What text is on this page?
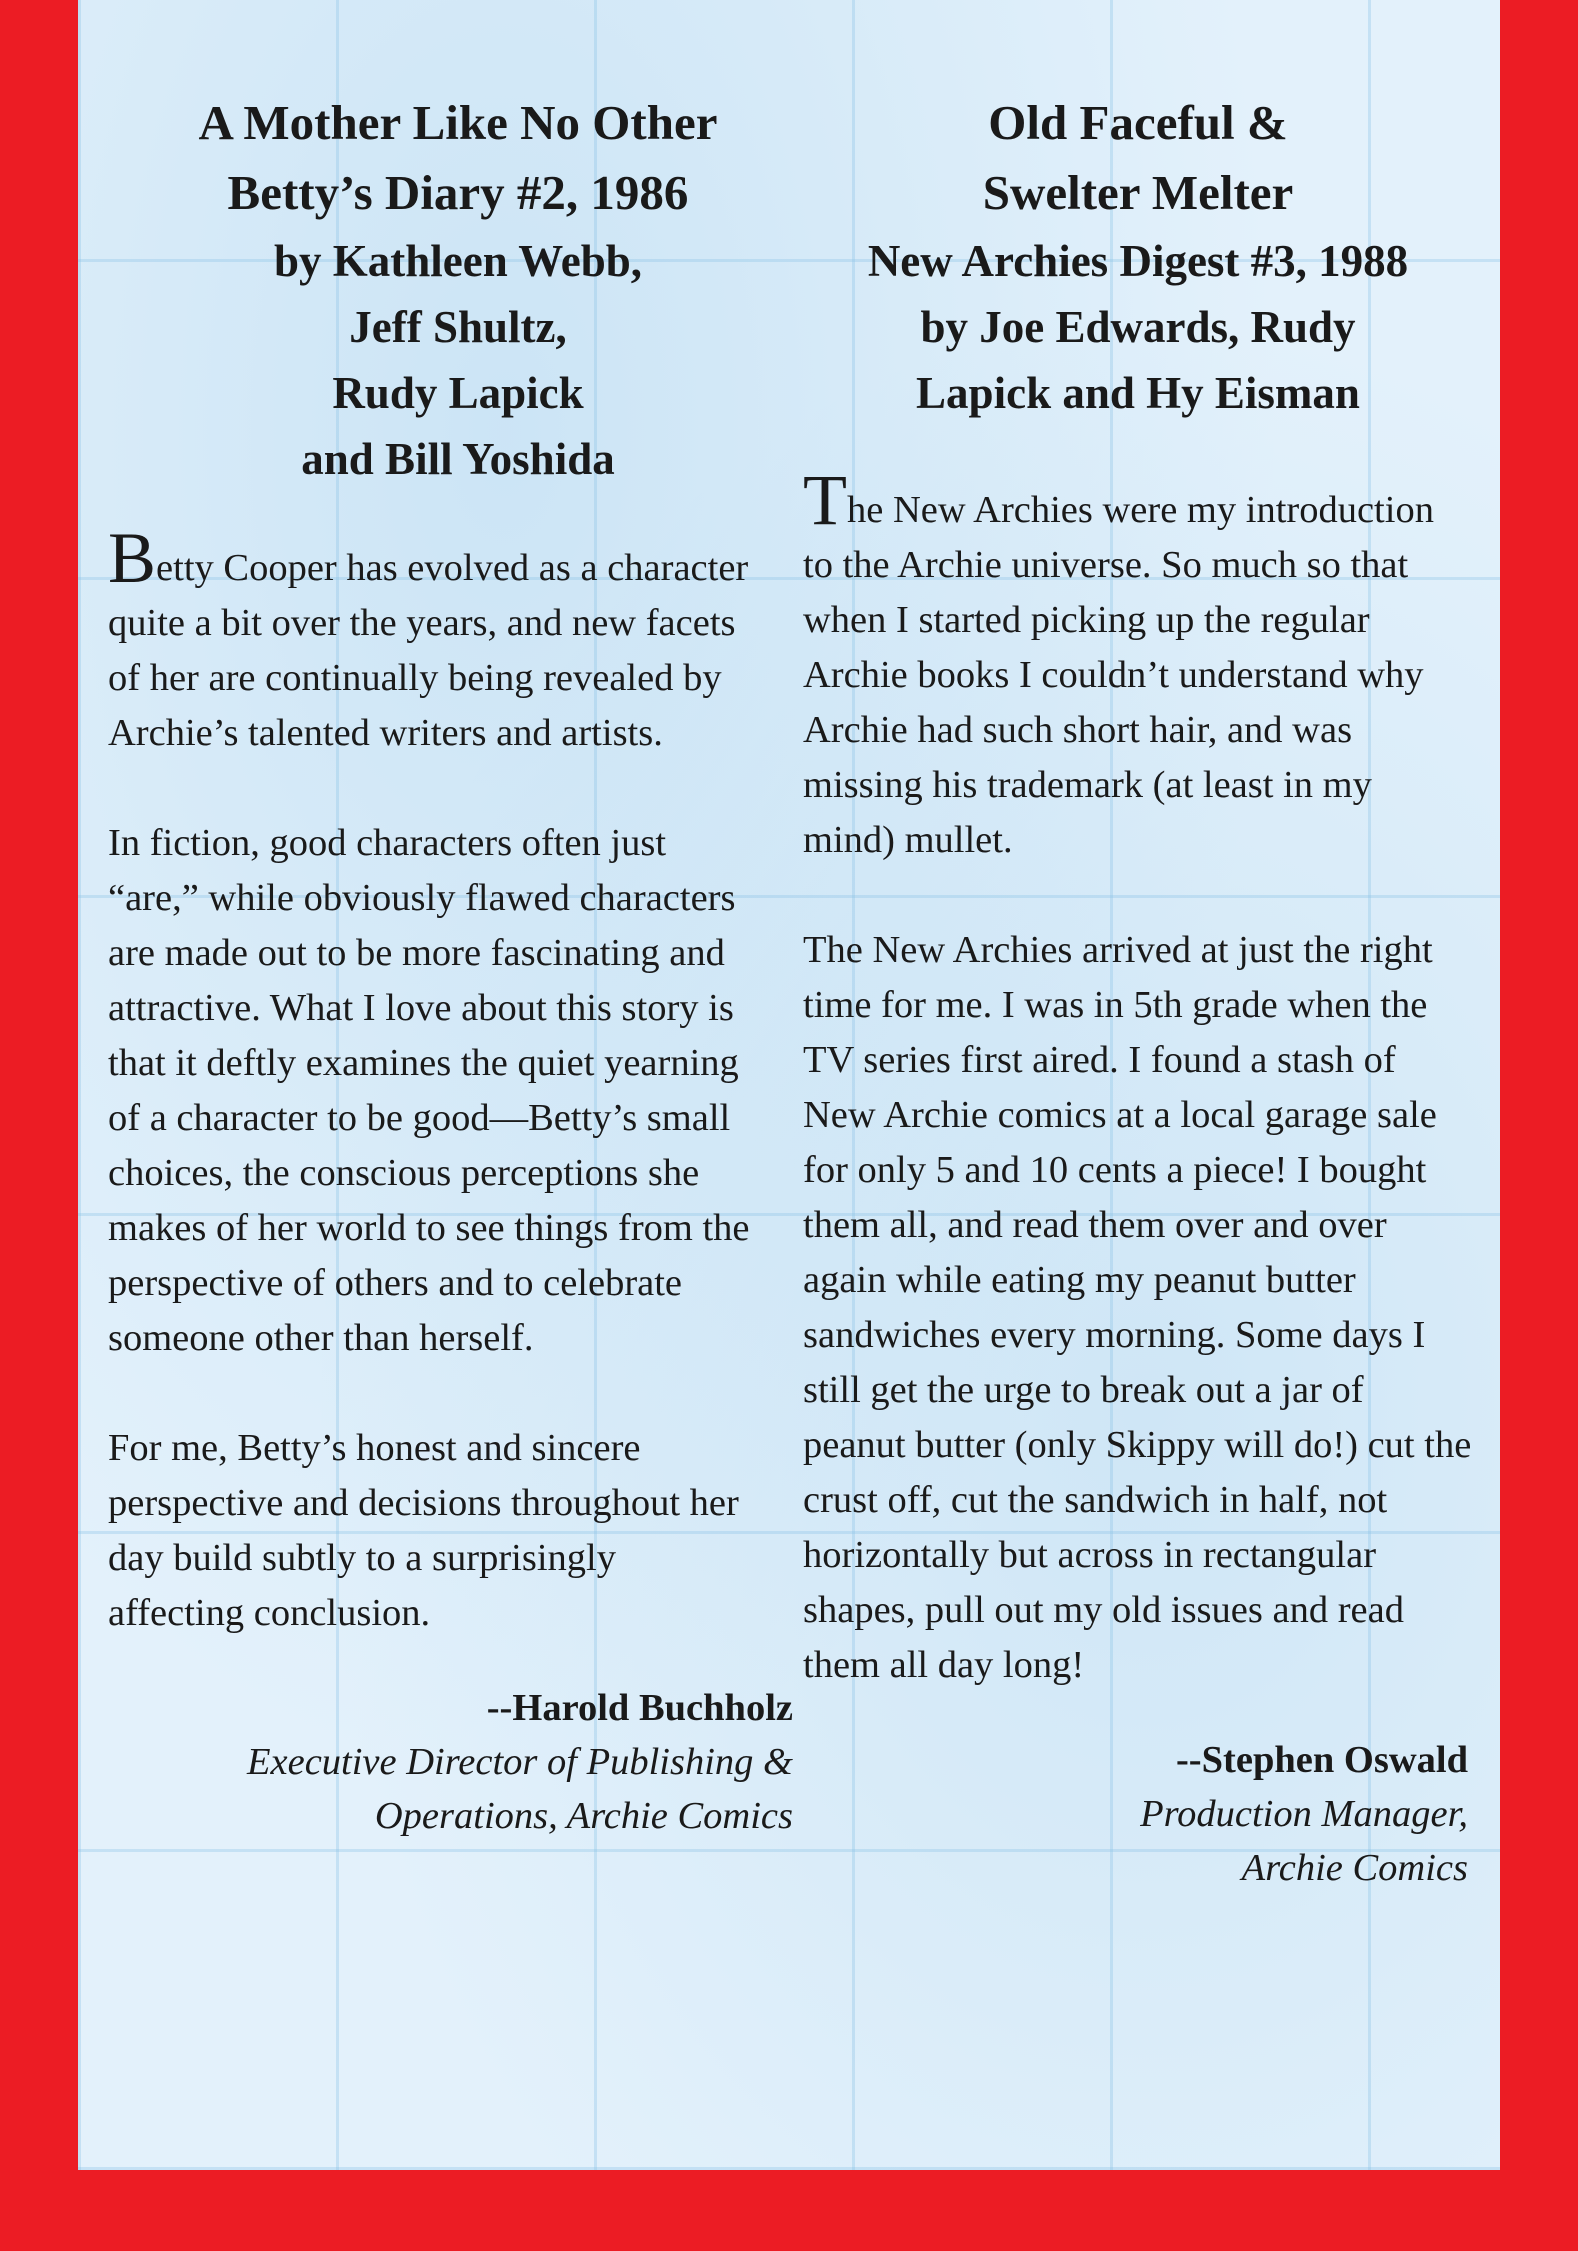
A Mother Like No Other
Betty’s Diary #2, 1986
by Kathleen Webb,
Jeff Shultz,
Rudy Lapick
and Bill Yoshida

Betty Cooper has evolved as a character quite a bit over the years, and new facets of her are continually being revealed by Archie’s talented writers and artists.

In fiction, good characters often just “are,” while obviously flawed characters are made out to be more fascinating and attractive. What I love about this story is that it deftly examines the quiet yearning of a character to be good—Betty’s small choices, the conscious perceptions she makes of her world to see things from the perspective of others and to celebrate someone other than herself.

For me, Betty’s honest and sincere perspective and decisions throughout her day build subtly to a surprisingly affecting conclusion.

--Harold Buchholz
Executive Director of Publishing &
Operations, Archie Comics
Old Faceful &
Swelter Melter
New Archies Digest #3, 1988
by Joe Edwards, Rudy
Lapick and Hy Eisman

The New Archies were my introduction to the Archie universe. So much so that when I started picking up the regular Archie books I couldn’t understand why Archie had such short hair, and was missing his trademark (at least in my mind) mullet.

The New Archies arrived at just the right time for me. I was in 5th grade when the TV series first aired. I found a stash of New Archie comics at a local garage sale for only 5 and 10 cents a piece! I bought them all, and read them over and over again while eating my peanut butter sandwiches every morning. Some days I still get the urge to break out a jar of peanut butter (only Skippy will do!) cut the crust off, cut the sandwich in half, not horizontally but across in rectangular shapes, pull out my old issues and read them all day long!

--Stephen Oswald
Production Manager,
Archie Comics
